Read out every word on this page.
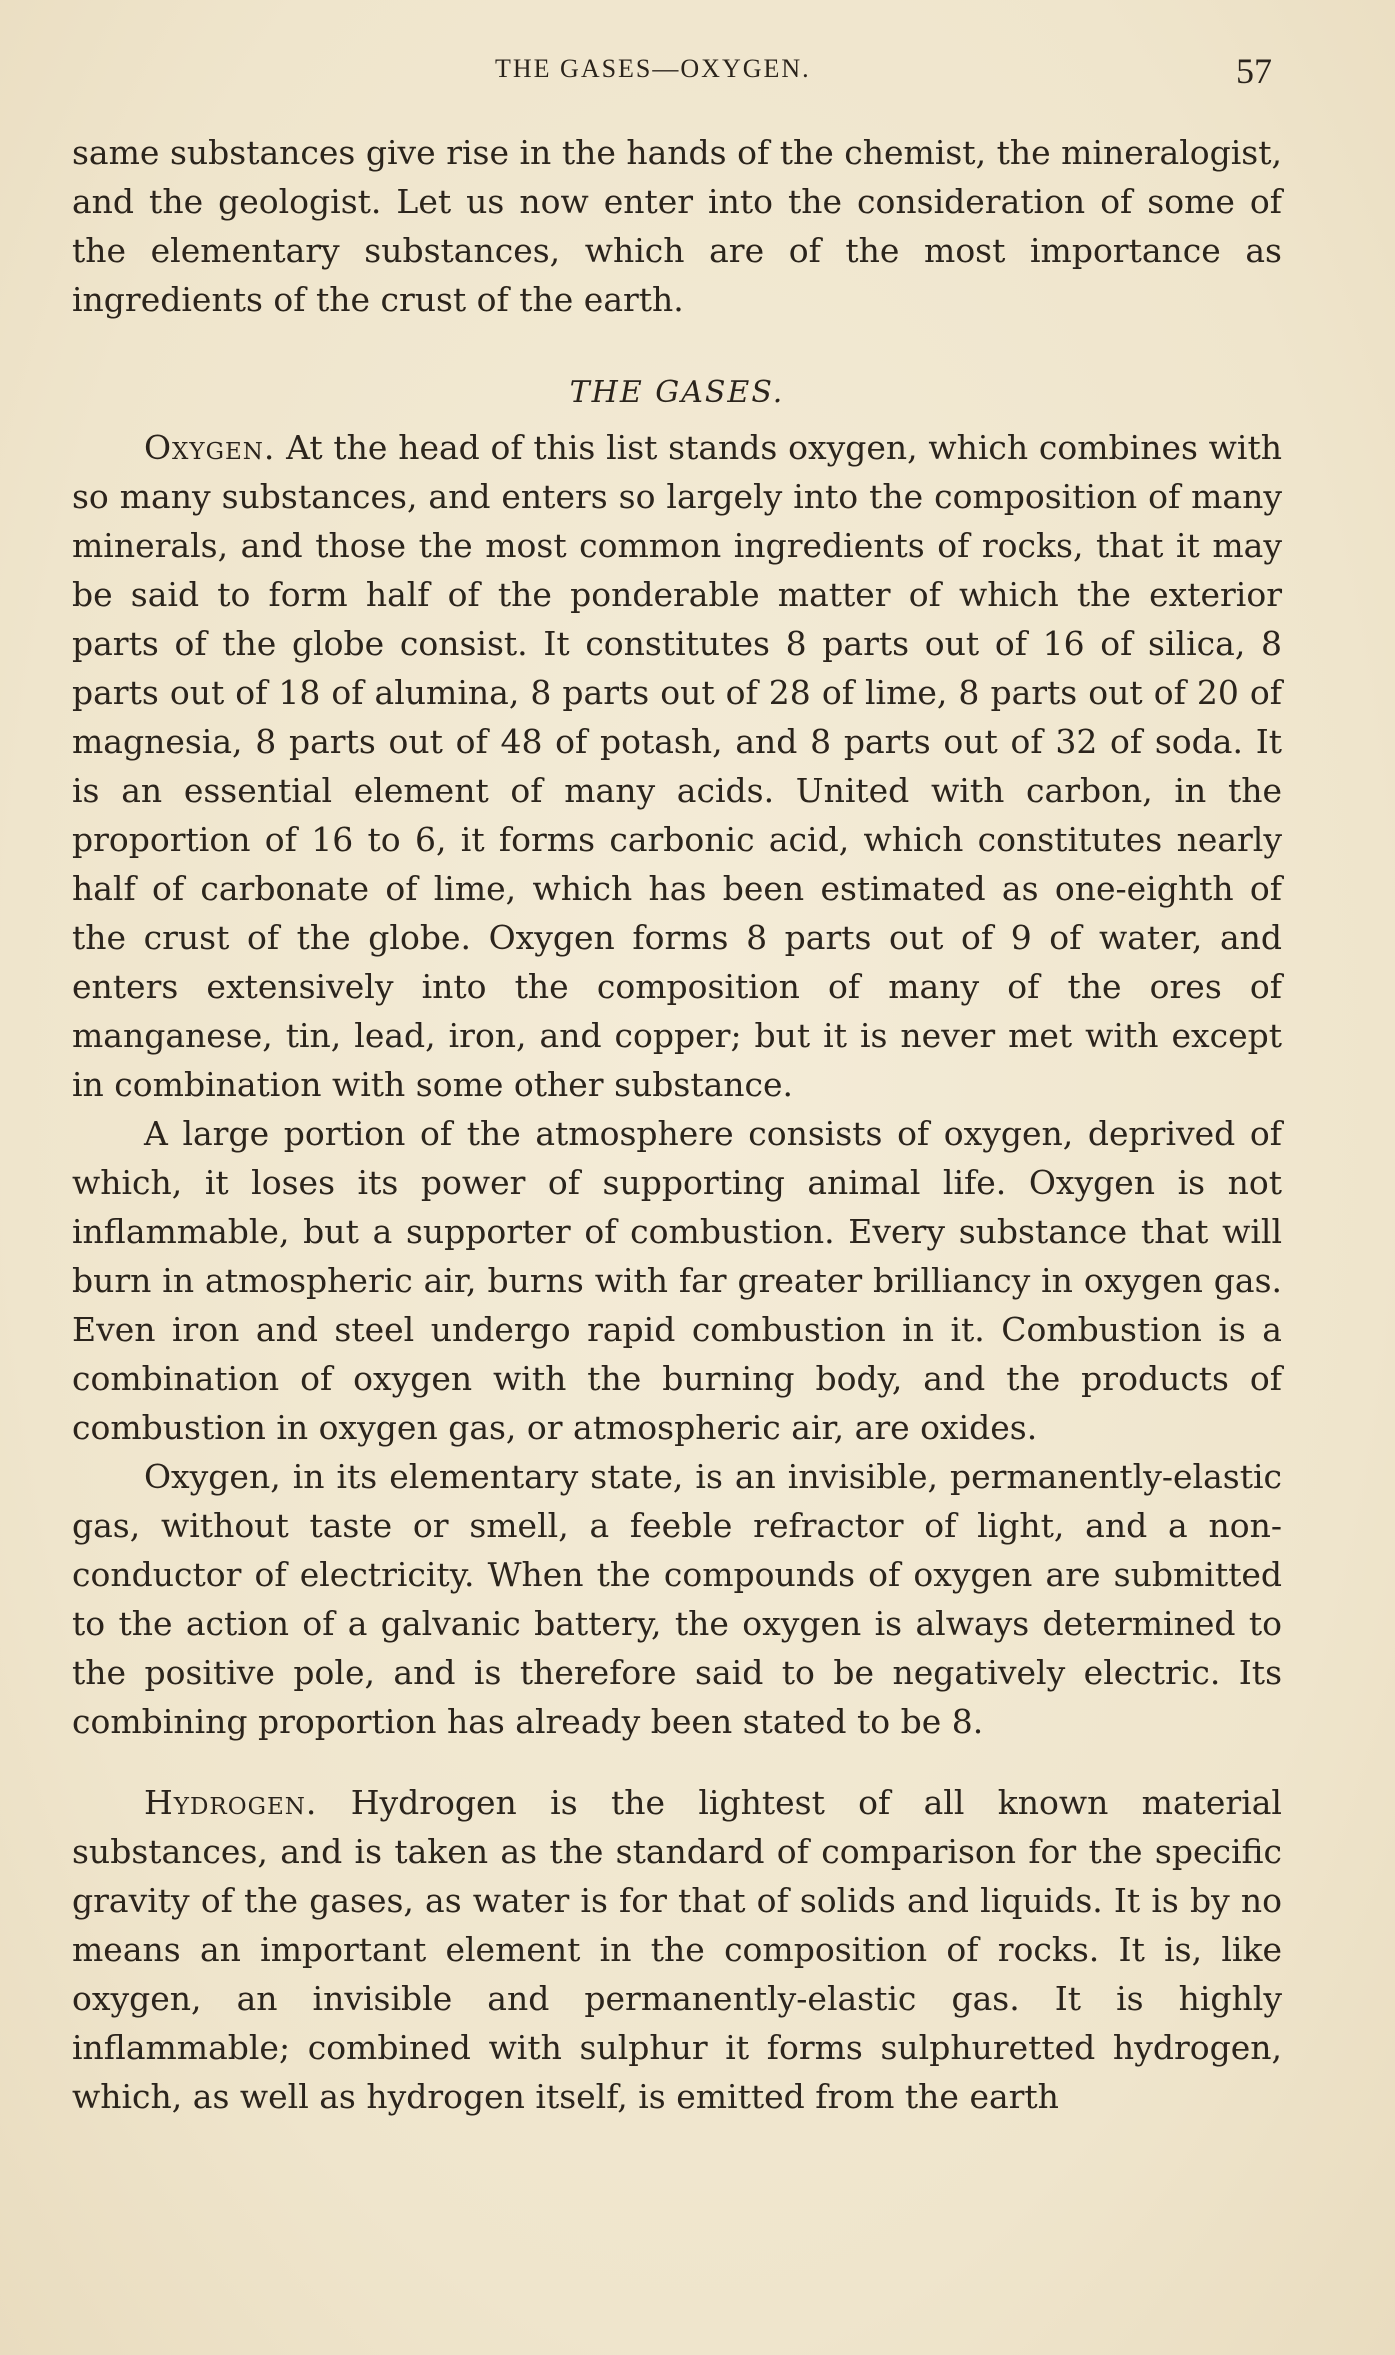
THE GASES—OXYGEN.	57

same substances give rise in the hands of the chemist, the mineralogist, and the geologist. Let us now enter into the consideration of some of the elementary substances, which are of the most importance as ingredients of the crust of the earth.

THE GASES.

Oxygen. At the head of this list stands oxygen, which combines with so many substances, and enters so largely into the composition of many minerals, and those the most common ingredients of rocks, that it may be said to form half of the ponderable matter of which the exterior parts of the globe consist. It constitutes 8 parts out of 16 of silica, 8 parts out of 18 of alumina, 8 parts out of 28 of lime, 8 parts out of 20 of magnesia, 8 parts out of 48 of potash, and 8 parts out of 32 of soda. It is an essential element of many acids. United with carbon, in the proportion of 16 to 6, it forms carbonic acid, which constitutes nearly half of carbonate of lime, which has been estimated as one-eighth of the crust of the globe. Oxygen forms 8 parts out of 9 of water, and enters extensively into the composition of many of the ores of manganese, tin, lead, iron, and copper; but it is never met with except in combination with some other substance.

A large portion of the atmosphere consists of oxygen, deprived of which, it loses its power of supporting animal life. Oxygen is not inflammable, but a supporter of combustion. Every substance that will burn in atmospheric air, burns with far greater brilliancy in oxygen gas. Even iron and steel undergo rapid combustion in it. Combustion is a combination of oxygen with the burning body, and the products of combustion in oxygen gas, or atmospheric air, are oxides.

Oxygen, in its elementary state, is an invisible, permanently-elastic gas, without taste or smell, a feeble refractor of light, and a non-conductor of electricity. When the compounds of oxygen are submitted to the action of a galvanic battery, the oxygen is always determined to the positive pole, and is therefore said to be negatively electric. Its combining proportion has already been stated to be 8.

Hydrogen. Hydrogen is the lightest of all known material substances, and is taken as the standard of comparison for the specific gravity of the gases, as water is for that of solids and liquids. It is by no means an important element in the composition of rocks. It is, like oxygen, an invisible and permanently-elastic gas. It is highly inflammable; combined with sulphur it forms sulphuretted hydrogen, which, as well as hydrogen itself, is emitted from the earth
